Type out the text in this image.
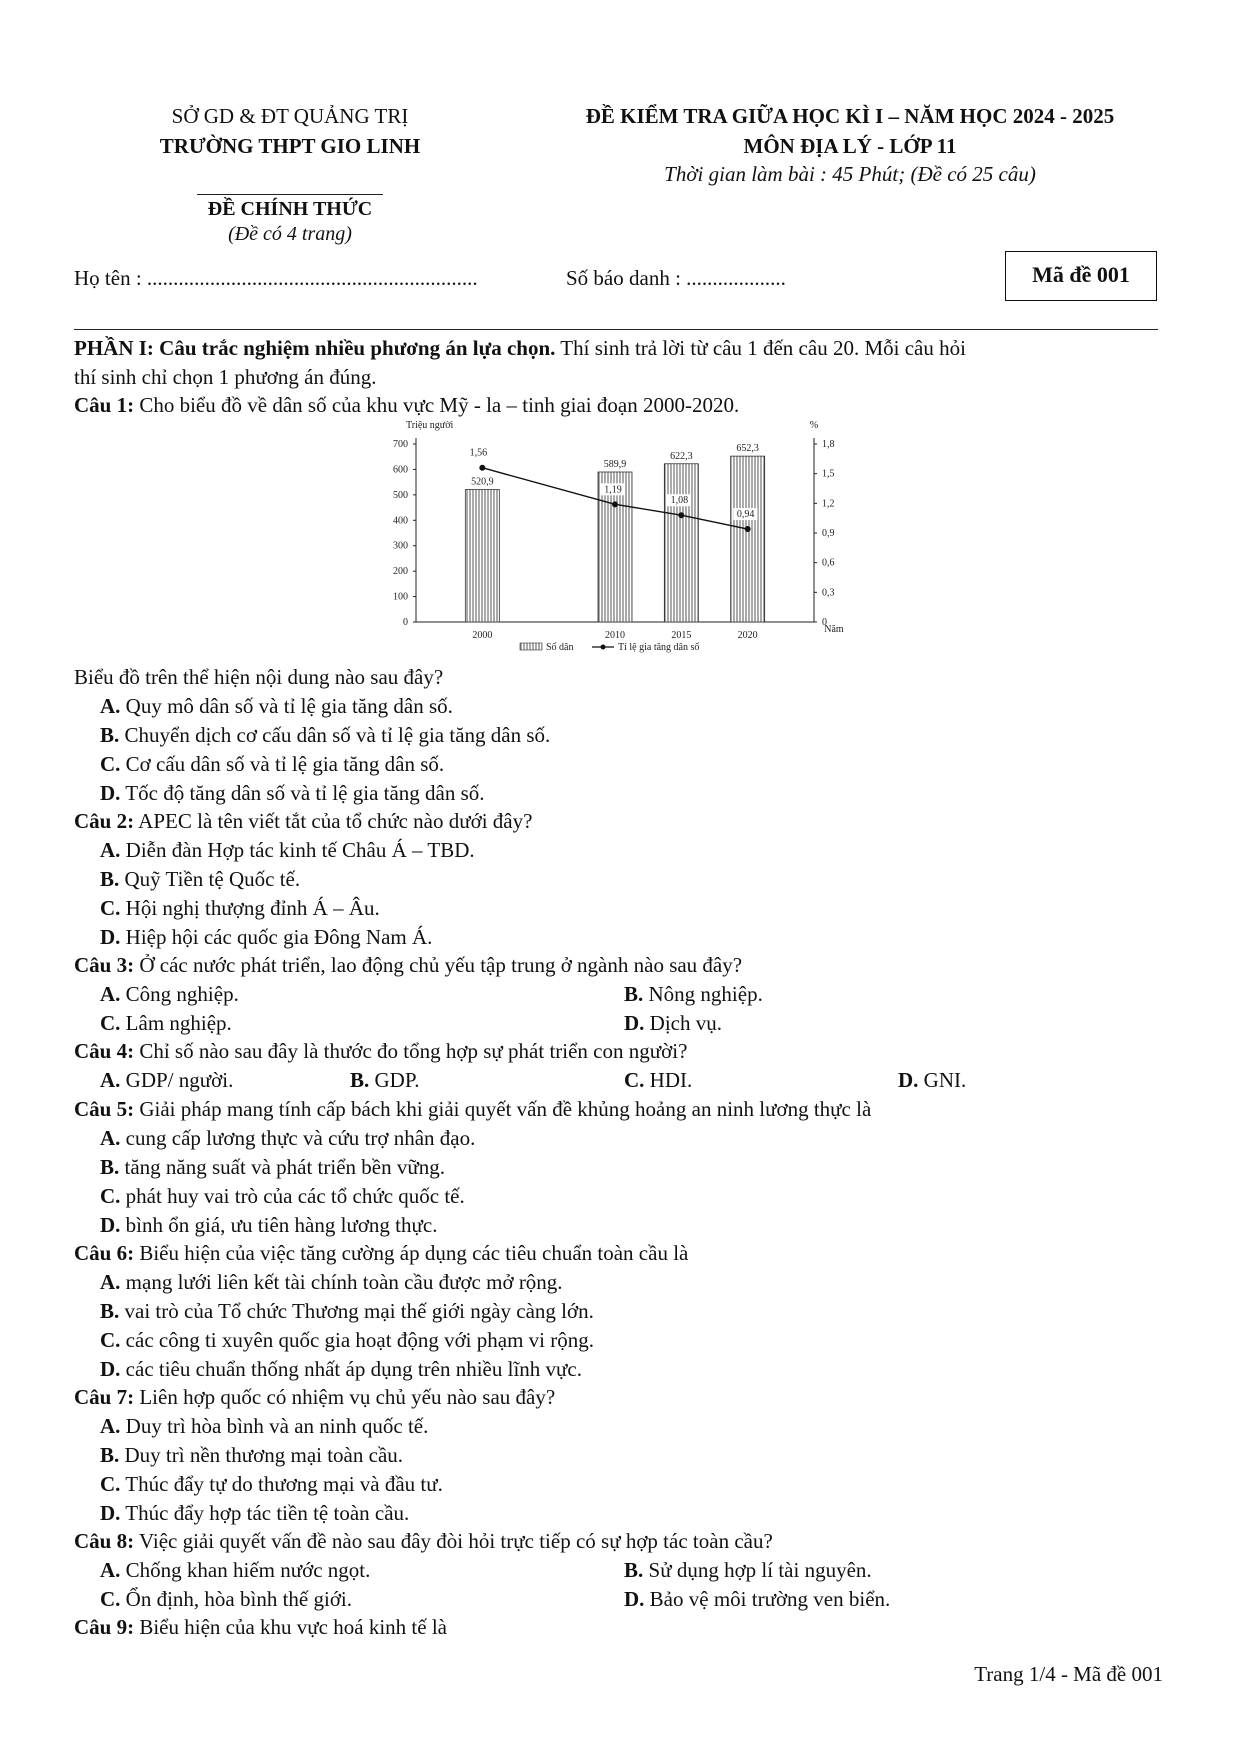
SỞ GD & ĐT QUẢNG TRỊ
TRƯỜNG THPT GIO LINH
ĐỀ CHÍNH THỨC
(Đề có 4 trang)
ĐỀ KIỂM TRA GIỮA HỌC KÌ I – NĂM HỌC 2024 - 2025
MÔN ĐỊA LÝ - LỚP 11
Thời gian làm bài : 45 Phút; (Đề có 25 câu)
Họ tên : ...............................................................	Số báo danh : ...................	Mã đề 001
PHẦN I: Câu trắc nghiệm nhiều phương án lựa chọn. Thí sinh trả lời từ câu 1 đến câu 20. Mỗi câu hỏi
thí sinh chỉ chọn 1 phương án đúng.
Câu 1: Cho biểu đồ về dân số của khu vực Mỹ - la – tinh giai đoạn 2000-2020.
0
100
200
300
400
500
600
700
0
0,3
0,6
0,9
1,2
1,5
1,8
Triệu người	%
Năm
520,9
2000
589,9
2010
622,3
2015
652,3
2020
1,56
1,19
1,08
0,94
Số dân	Tỉ lệ gia tăng dân số
Biểu đồ trên thể hiện nội dung nào sau đây?
A. Quy mô dân số và tỉ lệ gia tăng dân số.
B. Chuyển dịch cơ cấu dân số và tỉ lệ gia tăng dân số.
C. Cơ cấu dân số và tỉ lệ gia tăng dân số.
D. Tốc độ tăng dân số và tỉ lệ gia tăng dân số.
Câu 2: APEC là tên viết tắt của tổ chức nào dưới đây?
A. Diễn đàn Hợp tác kinh tế Châu Á – TBD.
B. Quỹ Tiền tệ Quốc tế.
C. Hội nghị thượng đỉnh Á – Âu.
D. Hiệp hội các quốc gia Đông Nam Á.
Câu 3: Ở các nước phát triển, lao động chủ yếu tập trung ở ngành nào sau đây?
A. Công nghiệp.	B. Nông nghiệp.
C. Lâm nghiệp.	D. Dịch vụ.
Câu 4: Chỉ số nào sau đây là thước đo tổng hợp sự phát triển con người?
A. GDP/ người.	B. GDP.	C. HDI.	D. GNI.
Câu 5: Giải pháp mang tính cấp bách khi giải quyết vấn đề khủng hoảng an ninh lương thực là
A. cung cấp lương thực và cứu trợ nhân đạo.
B. tăng năng suất và phát triển bền vững.
C. phát huy vai trò của các tổ chức quốc tế.
D. bình ổn giá, ưu tiên hàng lương thực.
Câu 6: Biểu hiện của việc tăng cường áp dụng các tiêu chuẩn toàn cầu là
A. mạng lưới liên kết tài chính toàn cầu được mở rộng.
B. vai trò của Tổ chức Thương mại thế giới ngày càng lớn.
C. các công ti xuyên quốc gia hoạt động với phạm vi rộng.
D. các tiêu chuẩn thống nhất áp dụng trên nhiều lĩnh vực.
Câu 7: Liên hợp quốc có nhiệm vụ chủ yếu nào sau đây?
A. Duy trì hòa bình và an ninh quốc tế.
B. Duy trì nền thương mại toàn cầu.
C. Thúc đẩy tự do thương mại và đầu tư.
D. Thúc đẩy hợp tác tiền tệ toàn cầu.
Câu 8: Việc giải quyết vấn đề nào sau đây đòi hỏi trực tiếp có sự hợp tác toàn cầu?
A. Chống khan hiếm nước ngọt.	B. Sử dụng hợp lí tài nguyên.
C. Ổn định, hòa bình thế giới.	D. Bảo vệ môi trường ven biển.
Câu 9: Biểu hiện của khu vực hoá kinh tế là
Trang 1/4 - Mã đề 001
